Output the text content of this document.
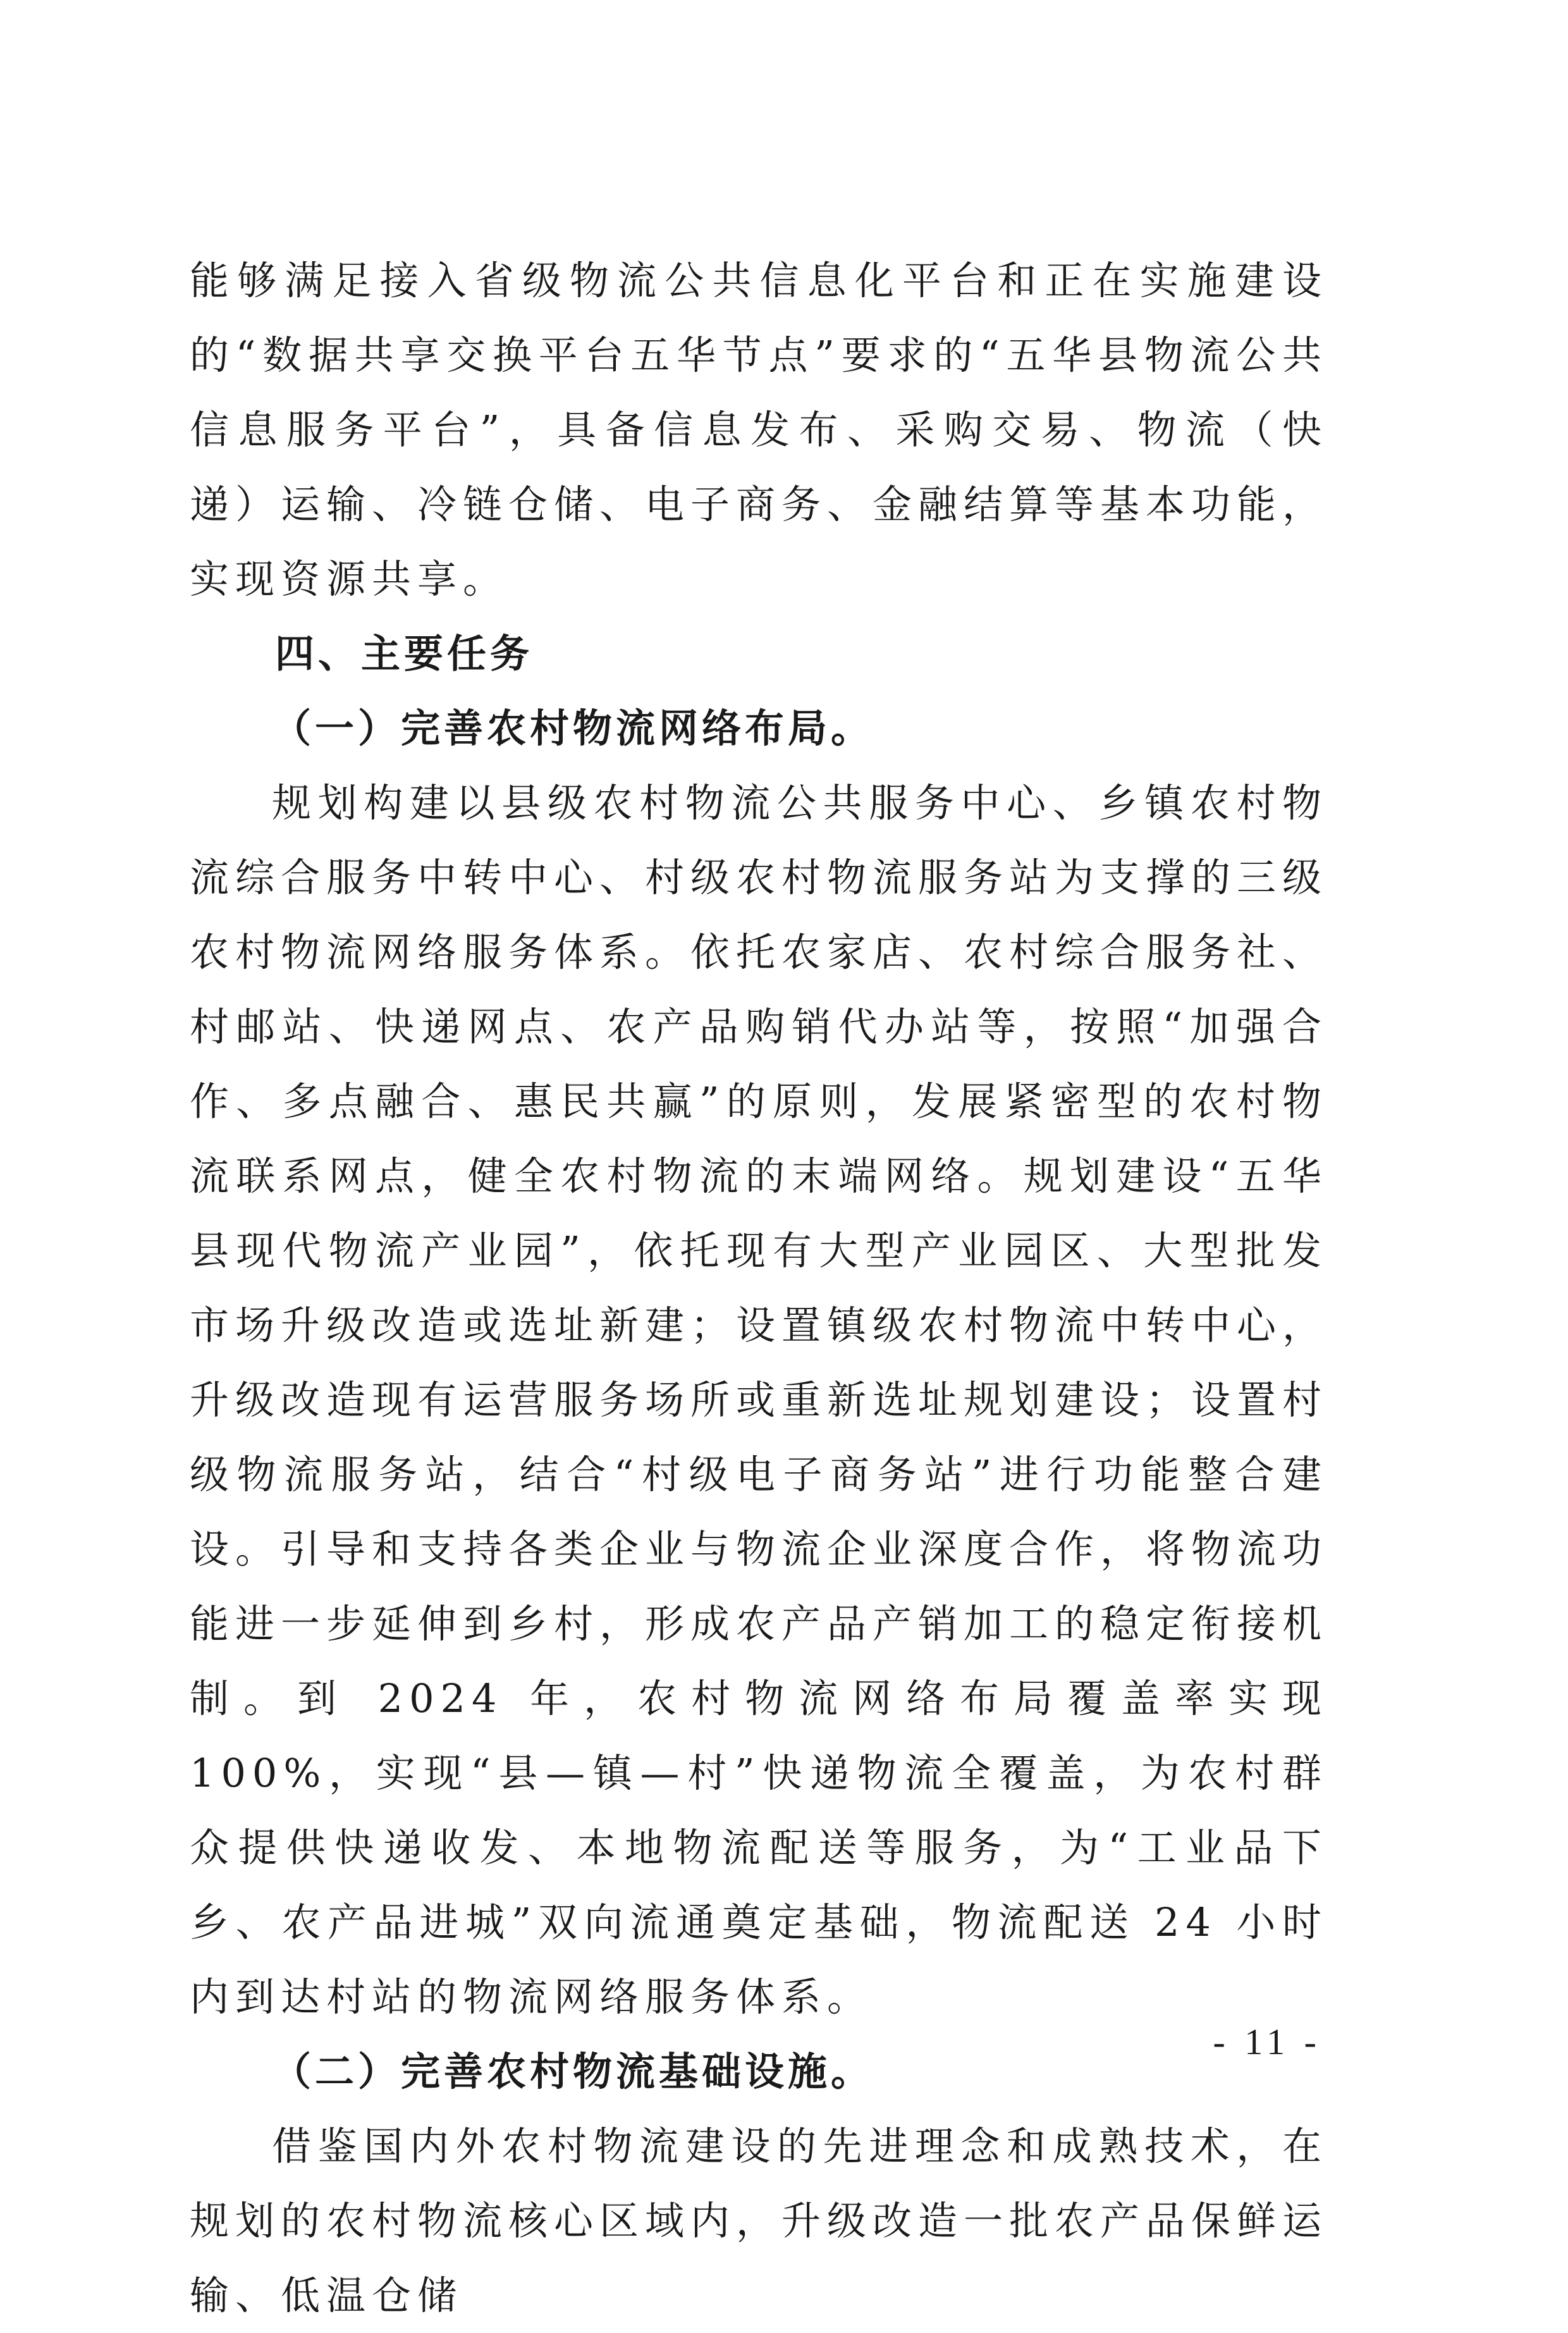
能够满足接入省级物流公共信息化平台和正在实施建设的“数据共享交换平台五华节点”要求的“五华县物流公共信息服务平台”，具备信息发布、采购交易、物流（快递）运输、冷链仓储、电子商务、金融结算等基本功能，实现资源共享。

四、主要任务

（一）完善农村物流网络布局。

规划构建以县级农村物流公共服务中心、乡镇农村物流综合服务中转中心、村级农村物流服务站为支撑的三级农村物流网络服务体系。依托农家店、农村综合服务社、村邮站、快递网点、农产品购销代办站等，按照“加强合作、多点融合、惠民共赢”的原则，发展紧密型的农村物流联系网点，健全农村物流的末端网络。规划建设“五华县现代物流产业园”，依托现有大型产业园区、大型批发市场升级改造或选址新建；设置镇级农村物流中转中心，升级改造现有运营服务场所或重新选址规划建设；设置村级物流服务站，结合“村级电子商务站”进行功能整合建设。引导和支持各类企业与物流企业深度合作，将物流功能进一步延伸到乡村，形成农产品产销加工的稳定衔接机制。到 2024 年，农村物流网络布局覆盖率实现 100%，实现“县—镇—村”快递物流全覆盖，为农村群众提供快递收发、本地物流配送等服务，为“工业品下乡、农产品进城”双向流通奠定基础，物流配送 24 小时内到达村站的物流网络服务体系。

（二）完善农村物流基础设施。

借鉴国内外农村物流建设的先进理念和成熟技术，在规划的农村物流核心区域内，升级改造一批农产品保鲜运输、低温仓储

- 11 -
